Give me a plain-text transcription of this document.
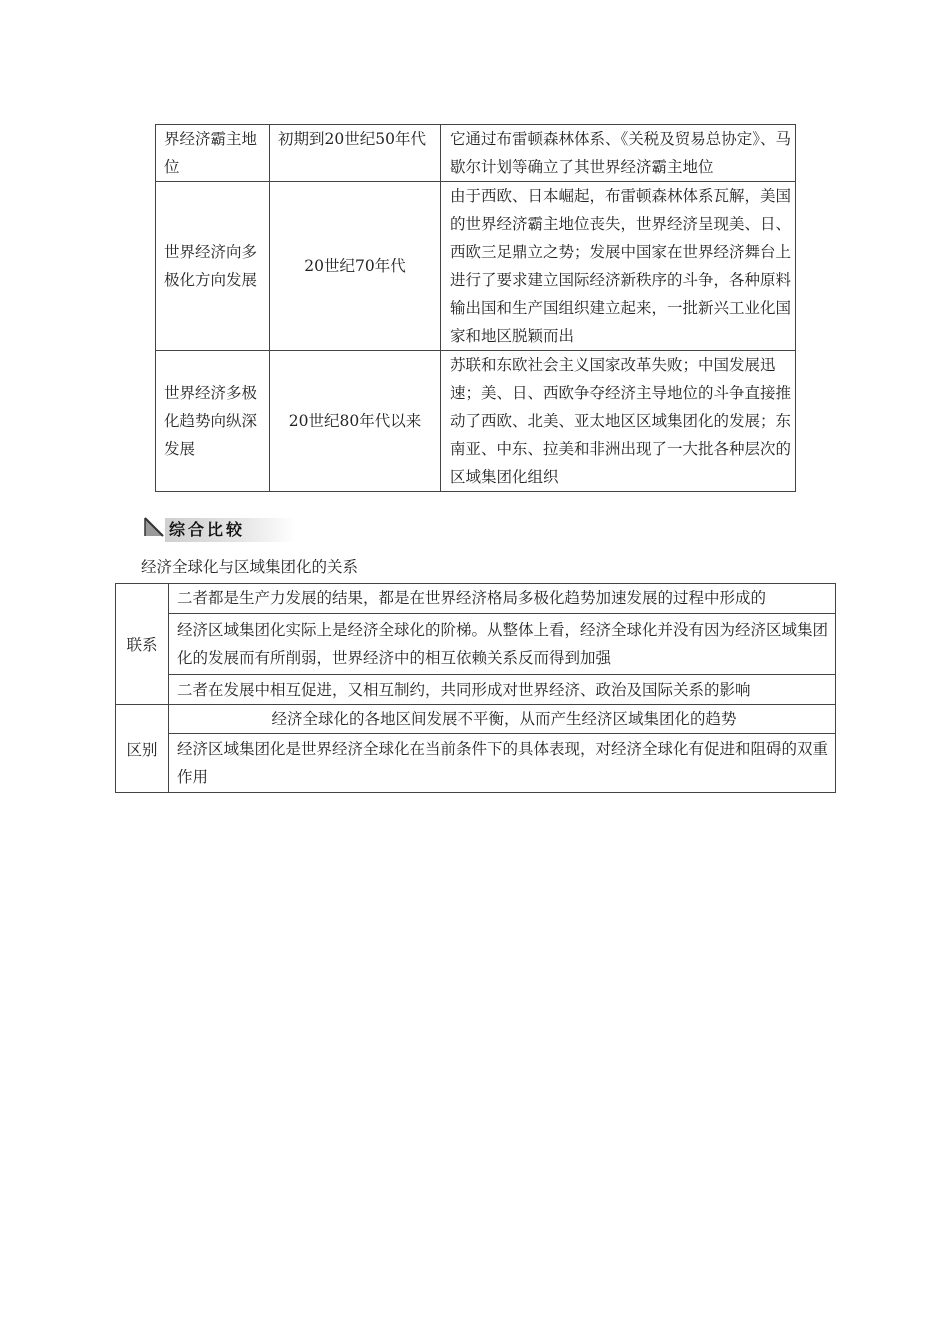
界经济霸主地位	初期到20世纪50年代	它通过布雷顿森林体系、《关税及贸易总协定》、马歇尔计划等确立了其世界经济霸主地位
世界经济向多极化方向发展	20世纪70年代	由于西欧、日本崛起，布雷顿森林体系瓦解，美国的世界经济霸主地位丧失，世界经济呈现美、日、西欧三足鼎立之势；发展中国家在世界经济舞台上进行了要求建立国际经济新秩序的斗争，各种原料输出国和生产国组织建立起来，一批新兴工业化国家和地区脱颖而出
世界经济多极化趋势向纵深发展	20世纪80年代以来	苏联和东欧社会主义国家改革失败；中国发展迅速；美、日、西欧争夺经济主导地位的斗争直接推动了西欧、北美、亚太地区区域集团化的发展；东南亚、中东、拉美和非洲出现了一大批各种层次的区域集团化组织
综合比较
经济全球化与区域集团化的关系
联系	二者都是生产力发展的结果，都是在世界经济格局多极化趋势加速发展的过程中形成的
	经济区域集团化实际上是经济全球化的阶梯。从整体上看，经济全球化并没有因为经济区域集团化的发展而有所削弱，世界经济中的相互依赖关系反而得到加强
	二者在发展中相互促进，又相互制约，共同形成对世界经济、政治及国际关系的影响
区别	经济全球化的各地区间发展不平衡，从而产生经济区域集团化的趋势
	经济区域集团化是世界经济全球化在当前条件下的具体表现，对经济全球化有促进和阻碍的双重作用
